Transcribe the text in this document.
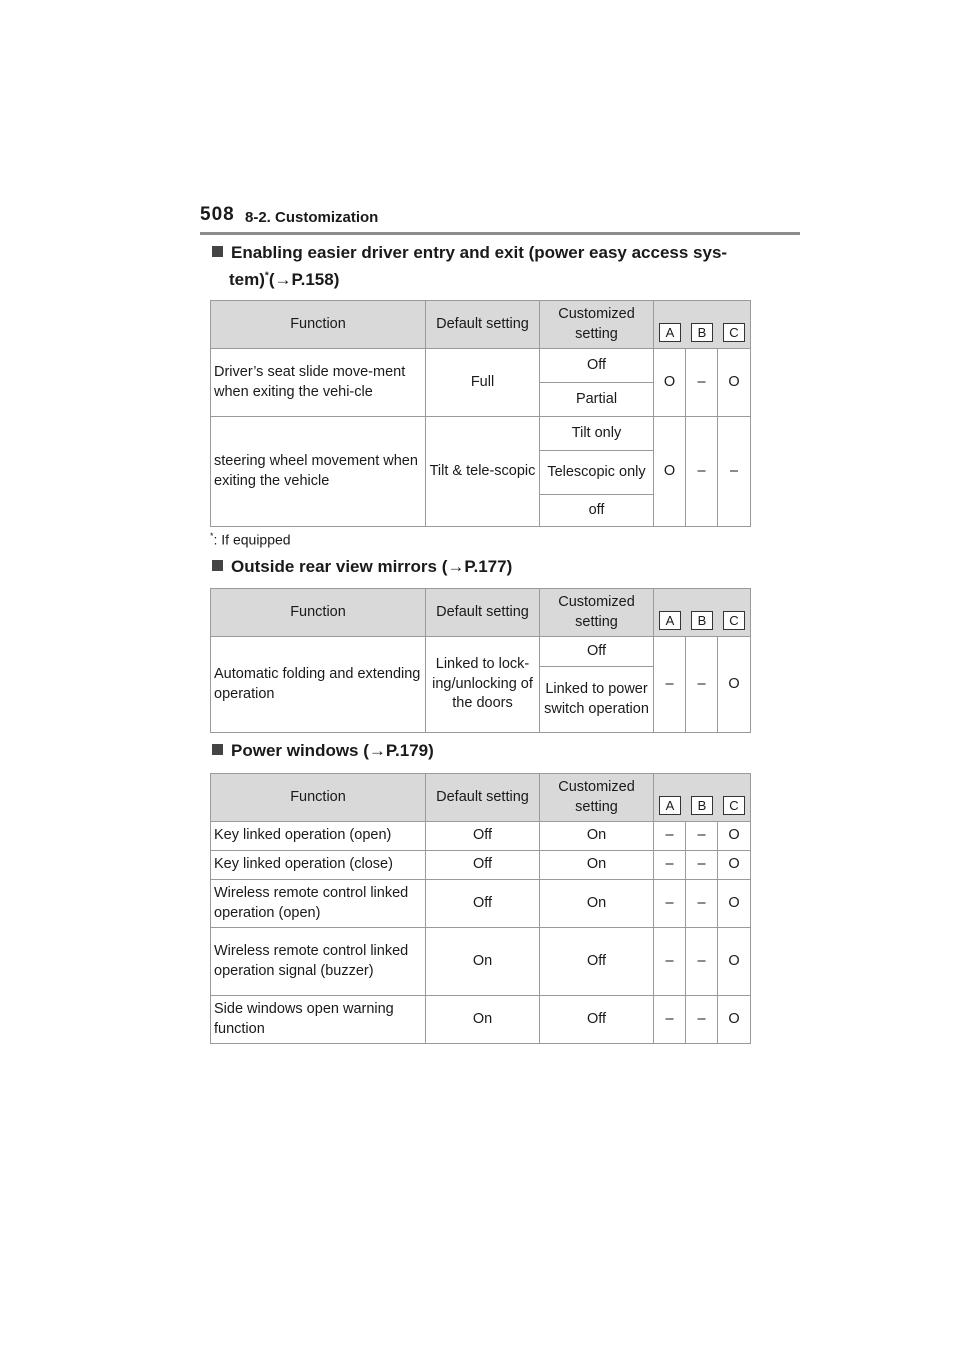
508 8-2. Customization
Enabling easier driver entry and exit (power easy access sys-
tem)*(→P.158)
Function	Default setting	Customized setting	A B C		

Driver’s seat slide move-ment when exiting the vehi-cle	Full	Off	O	–	O
		Partial			
steering wheel movement when exiting the vehicle	Tilt & tele-scopic	Tilt only	O	–	–
		Telescopic only			
		off			
*: If equipped
Outside rear view mirrors (→P.177)
Function	Default setting	Customized setting	A B C		

Automatic folding and extending operation	Linked to lock-ing/unlocking of the doors	Off	–	–	O
		Linked to power switch operation			
Power windows (→P.179)
Function	Default setting	Customized setting	A B C		

Key linked operation (open)	Off	On	–	–	O
Key linked operation (close)	Off	On	–	–	O
Wireless remote control linked operation (open)	Off	On	–	–	O
Wireless remote control linked operation signal (buzzer)	On	Off	–	–	O
Side windows open warning function	On	Off	–	–	O
